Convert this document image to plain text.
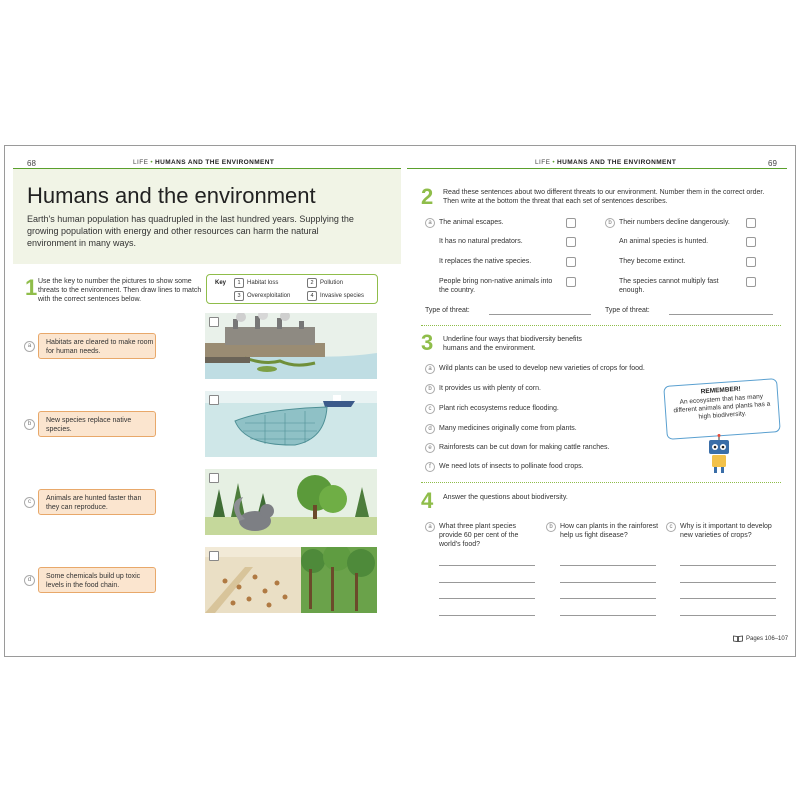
68	LIFE • HUMANS AND THE ENVIRONMENT	LIFE • HUMANS AND THE ENVIRONMENT	69
Humans and the environment
Earth's human population has quadrupled in the last hundred years. Supplying the growing population with energy and other resources can harm the natural environment in many ways.
1 Use the key to number the pictures to show some threats to the environment. Then draw lines to match with the correct sentences below.
Key	1	Habitat loss	2	Pollution
3	Overexploitation	4	Invasive species
a	Habitats are cleared to make room for human needs.
b	New species replace native species.
c	Animals are hunted faster than they can reproduce.
d	Some chemicals build up toxic levels in the food chain.
2 Read these sentences about two different threats to our environment. Number them in the correct order. Then write at the bottom the threat that each set of sentences describes.
a	The animal escapes.
It has no natural predators.
It replaces the native species.
People bring non-native animals into the country.
b	Their numbers decline dangerously.
An animal species is hunted.
They become extinct.
The species cannot multiply fast enough.
Type of threat:	Type of threat:
3 Underline four ways that biodiversity benefits humans and the environment.
a	Wild plants can be used to develop new varieties of crops for food.
b	It provides us with plenty of corn.
c	Plant rich ecosystems reduce flooding.
d	Many medicines originally come from plants.
e	Rainforests can be cut down for making cattle ranches.
f	We need lots of insects to pollinate food crops.
REMEMBER!
An ecosystem that has many different animals and plants has a high biodiversity.
4 Answer the questions about biodiversity.
a	What three plant species provide 60 per cent of the world's food?
b	How can plants in the rainforest help us fight disease?
c	Why is it important to develop new varieties of crops?
Pages 106–107
